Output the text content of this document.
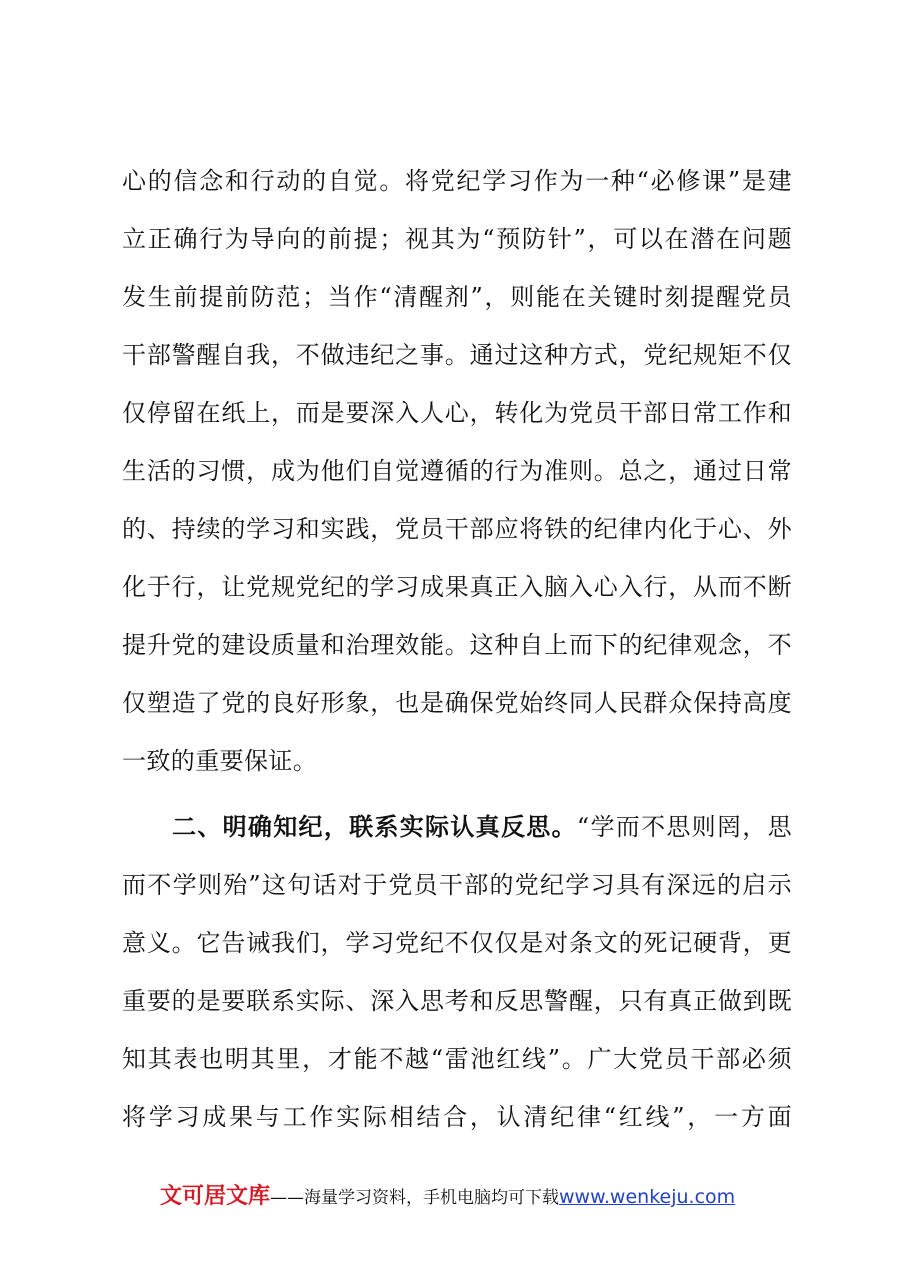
心的信念和行动的自觉。将党纪学习作为一种“必修课”是建
立正确行为导向的前提；视其为“预防针”，可以在潜在问题
发生前提前防范；当作“清醒剂”，则能在关键时刻提醒党员
干部警醒自我，不做违纪之事。通过这种方式，党纪规矩不仅
仅停留在纸上，而是要深入人心，转化为党员干部日常工作和
生活的习惯，成为他们自觉遵循的行为准则。总之，通过日常
的、持续的学习和实践，党员干部应将铁的纪律内化于心、外
化于行，让党规党纪的学习成果真正入脑入心入行，从而不断
提升党的建设质量和治理效能。这种自上而下的纪律观念，不
仅塑造了党的良好形象，也是确保党始终同人民群众保持高度
一致的重要保证。
二、明确知纪，联系实际认真反思。“学而不思则罔，思
而不学则殆”这句话对于党员干部的党纪学习具有深远的启示
意义。它告诫我们，学习党纪不仅仅是对条文的死记硬背，更
重要的是要联系实际、深入思考和反思警醒，只有真正做到既
知其表也明其里，才能不越“雷池红线”。广大党员干部必须
将学习成果与工作实际相结合，认清纪律“红线”，一方面
文可居文库——海量学习资料，手机电脑均可下载www.wenkeju.com
